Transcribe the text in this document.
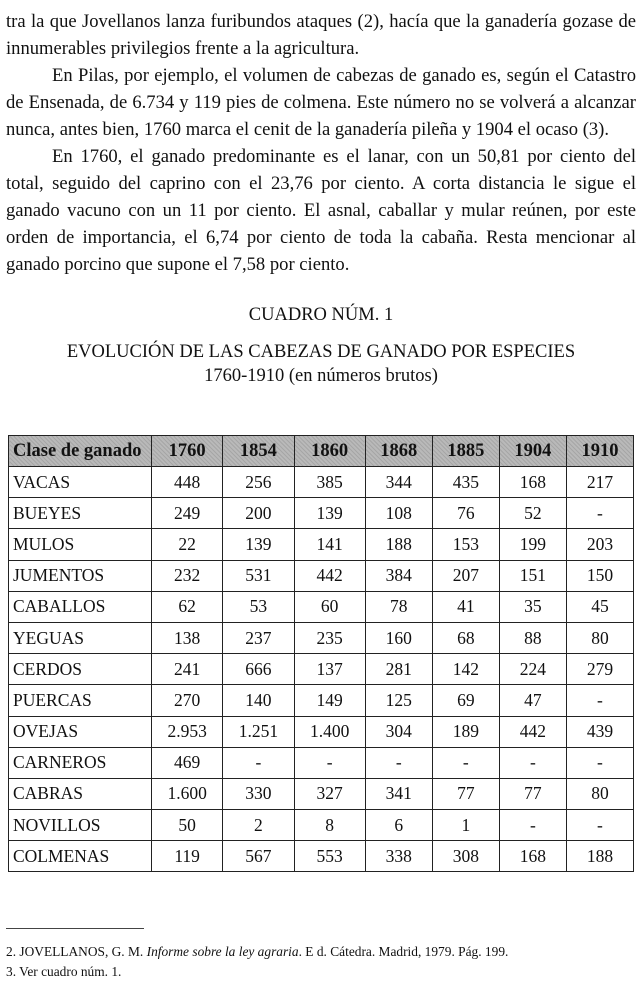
tra la que Jovellanos lanza furibundos ataques (2), hacía que la ganadería gozase de innumerables privilegios frente a la agricultura.

En Pilas, por ejemplo, el volumen de cabezas de ganado es, según el Catastro de Ensenada, de 6.734 y 119 pies de colmena. Este número no se volverá a alcanzar nunca, antes bien, 1760 marca el cenit de la ganadería pileña y 1904 el ocaso (3).

En 1760, el ganado predominante es el lanar, con un 50,81 por ciento del total, seguido del caprino con el 23,76 por ciento. A corta distancia le sigue el ganado vacuno con un 11 por ciento. El asnal, caballar y mular reúnen, por este orden de importancia, el 6,74 por ciento de toda la cabaña. Resta mencionar al ganado porcino que supone el 7,58 por ciento.

CUADRO NÚM. 1
EVOLUCIÓN DE LAS CABEZAS DE GANADO POR ESPECIES
1760-1910 (en números brutos)
Clase de ganado	1760	1854	1860	1868	1885	1904	1910
VACAS	448	256	385	344	435	168	217
BUEYES	249	200	139	108	76	52	-
MULOS	22	139	141	188	153	199	203
JUMENTOS	232	531	442	384	207	151	150
CABALLOS	62	53	60	78	41	35	45
YEGUAS	138	237	235	160	68	88	80
CERDOS	241	666	137	281	142	224	279
PUERCAS	270	140	149	125	69	47	-
OVEJAS	2.953	1.251	1.400	304	189	442	439
CARNEROS	469	-	-	-	-	-	-
CABRAS	1.600	330	327	341	77	77	80
NOVILLOS	50	2	8	6	1	-	-
COLMENAS	119	567	553	338	308	168	188

2. JOVELLANOS, G. M. Informe sobre la ley agraria. E d. Cátedra. Madrid, 1979. Pág. 199.

3. Ver cuadro núm. 1.
